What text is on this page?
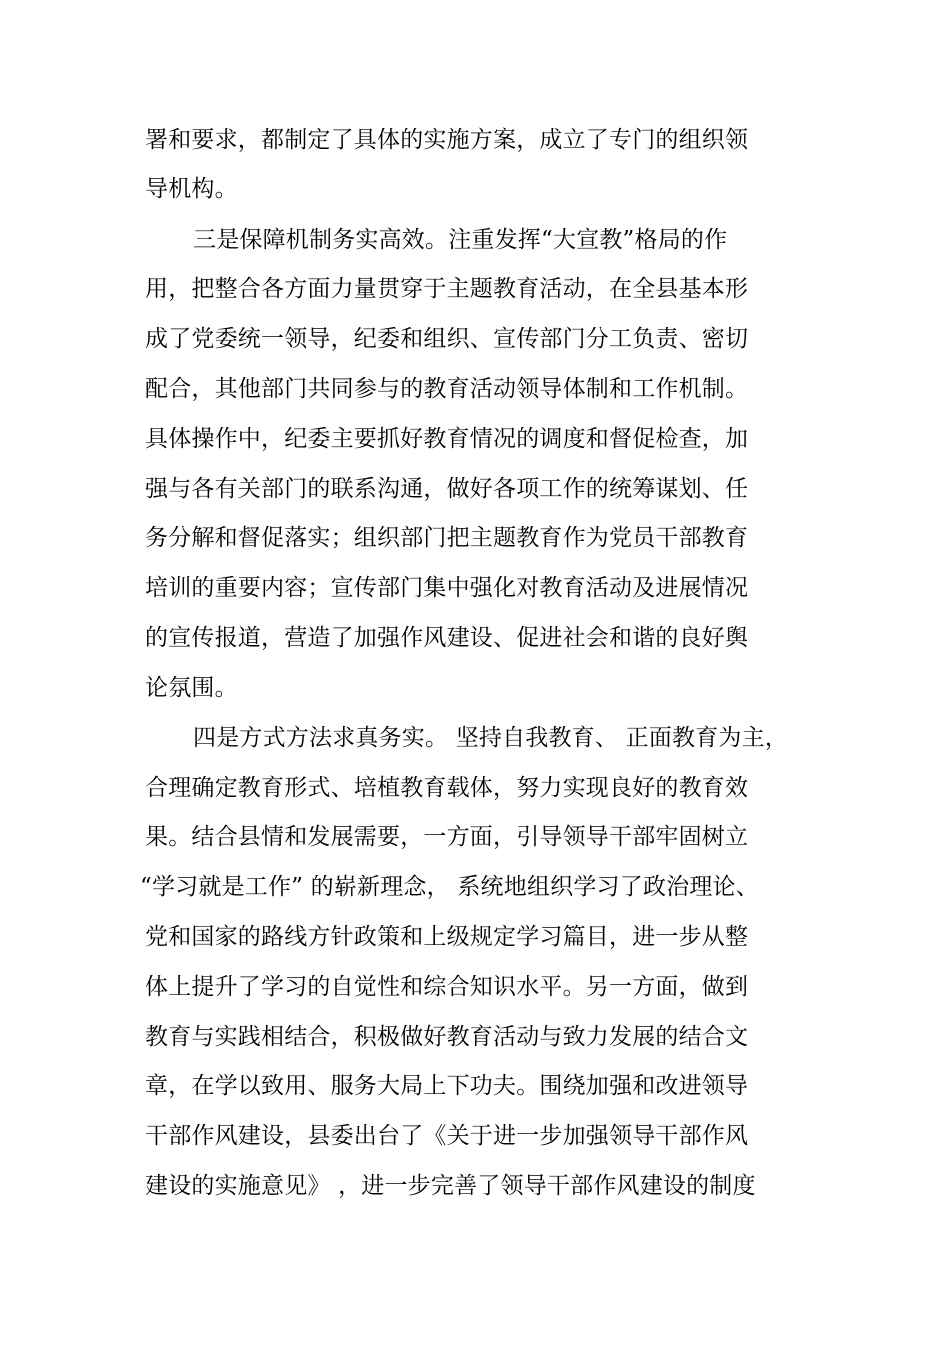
署和要求，都制定了具体的实施方案，成立了专门的组织领
导机构。
三是保障机制务实高效。注重发挥“大宣教”格局的作
用，把整合各方面力量贯穿于主题教育活动，在全县基本形
成了党委统一领导，纪委和组织、宣传部门分工负责、密切
配合，其他部门共同参与的教育活动领导体制和工作机制。
具体操作中，纪委主要抓好教育情况的调度和督促检查，加
强与各有关部门的联系沟通，做好各项工作的统筹谋划、任
务分解和督促落实；组织部门把主题教育作为党员干部教育
培训的重要内容；宣传部门集中强化对教育活动及进展情况
的宣传报道，营造了加强作风建设、促进社会和谐的良好舆
论氛围。
四是方式方法求真务实。 坚持自我教育、 正面教育为主，
合理确定教育形式、培植教育载体，努力实现良好的教育效
果。结合县情和发展需要，一方面，引导领导干部牢固树立
“学习就是工作” 的崭新理念， 系统地组织学习了政治理论、
党和国家的路线方针政策和上级规定学习篇目，进一步从整
体上提升了学习的自觉性和综合知识水平。另一方面，做到
教育与实践相结合，积极做好教育活动与致力发展的结合文
章，在学以致用、服务大局上下功夫。围绕加强和改进领导
干部作风建设，县委出台了《关于进一步加强领导干部作风
建设的实施意见》 ，进一步完善了领导干部作风建设的制度
